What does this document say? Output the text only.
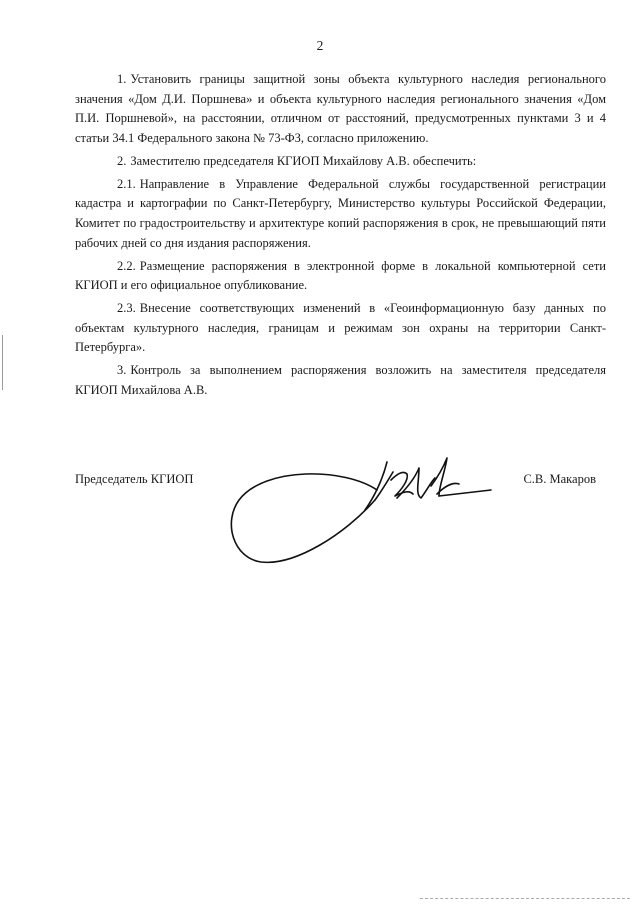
2

1. Установить границы защитной зоны объекта культурного наследия регионального значения «Дом Д.И. Поршнева» и объекта культурного наследия регионального значения «Дом П.И. Поршневой», на расстоянии, отличном от расстояний, предусмотренных пунктами 3 и 4 статьи 34.1 Федерального закона № 73-ФЗ, согласно приложению.

2. Заместителю председателя КГИОП Михайлову А.В. обеспечить:

2.1. Направление в Управление Федеральной службы государственной регистрации кадастра и картографии по Санкт-Петербургу, Министерство культуры Российской Федерации, Комитет по градостроительству и архитектуре копий распоряжения в срок, не превышающий пяти рабочих дней со дня издания распоряжения.

2.2. Размещение распоряжения в электронной форме в локальной компьютерной сети КГИОП и его официальное опубликование.

2.3. Внесение соответствующих изменений в «Геоинформационную базу данных по объектам культурного наследия, границам и режимам зон охраны на территории Санкт-Петербурга».

3. Контроль за выполнением распоряжения возложить на заместителя председателя КГИОП Михайлова А.В.

Председатель КГИОП	С.В. Макаров
